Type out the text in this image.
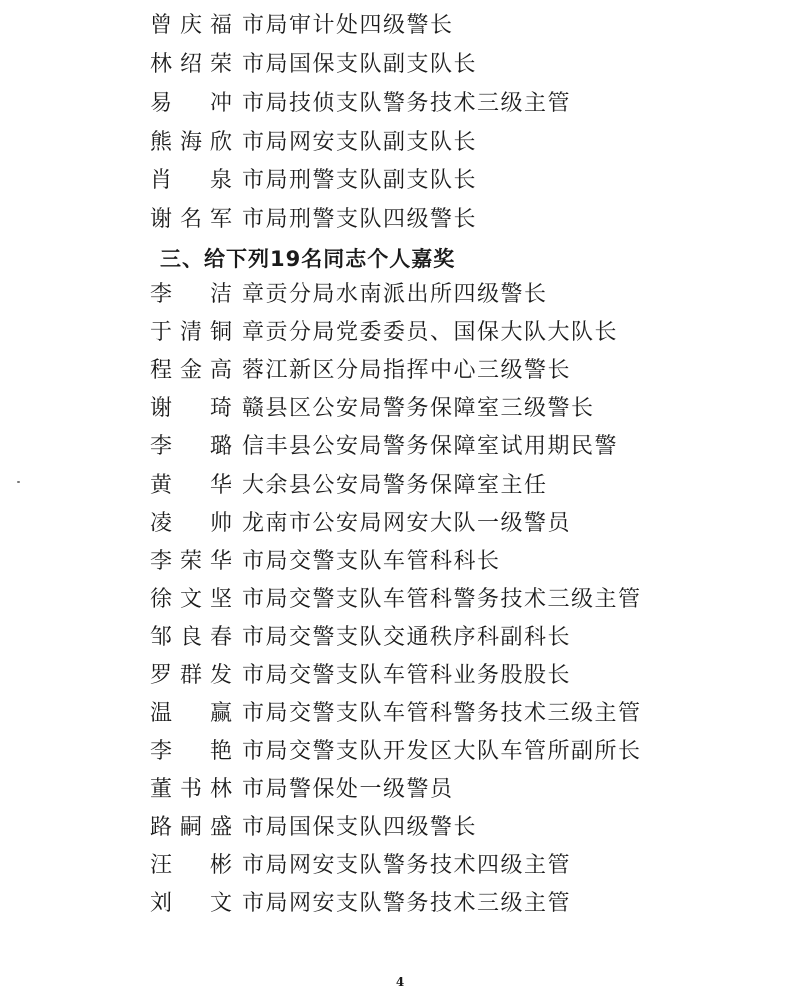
曾庆福 市局审计处四级警长
林绍荣 市局国保支队副支队长
易冲 市局技侦支队警务技术三级主管
熊海欣 市局网安支队副支队长
肖泉 市局刑警支队副支队长
谢名军 市局刑警支队四级警长
三、给下列19名同志个人嘉奖
李洁 章贡分局水南派出所四级警长
于清铜 章贡分局党委委员、国保大队大队长
程金高 蓉江新区分局指挥中心三级警长
谢琦 赣县区公安局警务保障室三级警长
李璐 信丰县公安局警务保障室试用期民警
黄华 大余县公安局警务保障室主任
凌帅 龙南市公安局网安大队一级警员
李荣华 市局交警支队车管科科长
徐文坚 市局交警支队车管科警务技术三级主管
邹良春 市局交警支队交通秩序科副科长
罗群发 市局交警支队车管科业务股股长
温赢 市局交警支队车管科警务技术三级主管
李艳 市局交警支队开发区大队车管所副所长
董书林 市局警保处一级警员
路嗣盛 市局国保支队四级警长
汪彬 市局网安支队警务技术四级主管
刘文 市局网安支队警务技术三级主管
4
